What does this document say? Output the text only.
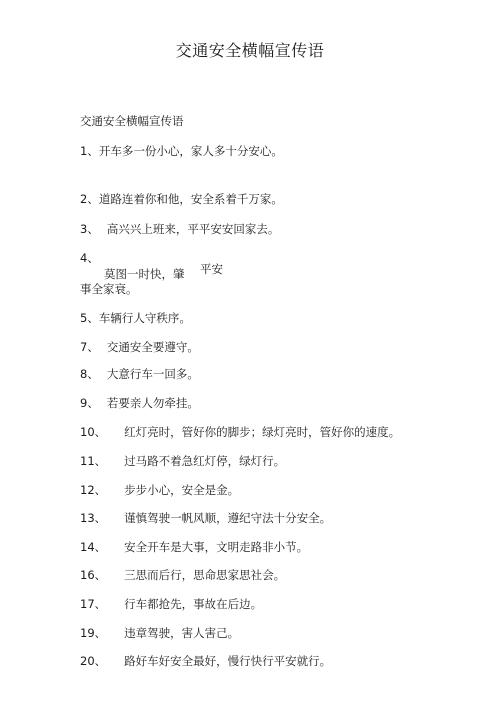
交通安全横幅宣传语
交通安全横幅宣传语
1、开车多一份小心，家人多十分安心。
2、道路连着你和他，安全系着千万家。
3、 高兴兴上班来，平平安安回家去。
4、
莫图一时快，肇 平安
事全家衰。
5、车辆行人守秩序。
7、 交通安全要遵守。
8、 大意行车一回多。
9、 若要亲人勿牵挂。
10、 红灯亮时，管好你的脚步；绿灯亮时，管好你的速度。
11、 过马路不着急红灯停，绿灯行。
12、 步步小心，安全是金。
13、 谨慎驾驶一帆风顺，遵纪守法十分安全。
14、 安全开车是大事，文明走路非小节。
16、 三思而后行，思命思家思社会。
17、 行车都抢先，事故在后边。
19、 违章驾驶，害人害己。
20、 路好车好安全最好，慢行快行平安就行。
